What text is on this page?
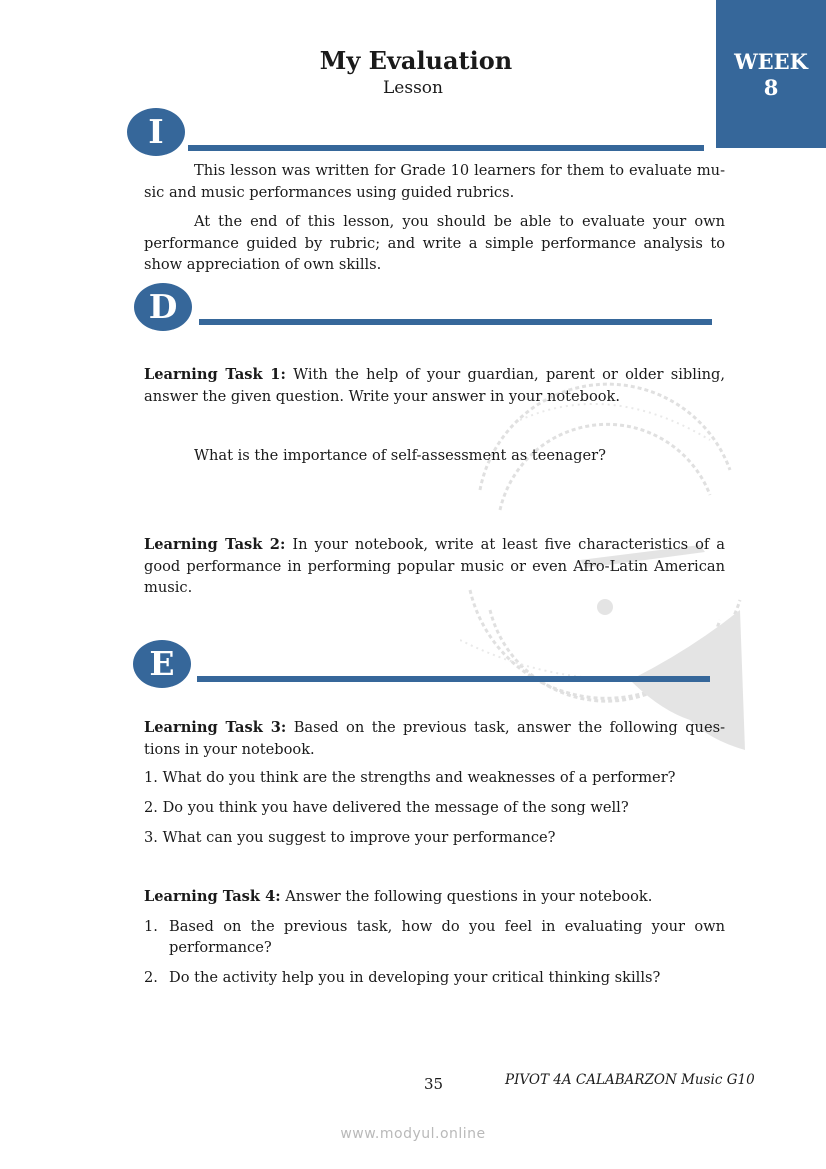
WEEK
8
My Evaluation
Lesson
I
This lesson was written for Grade 10 learners for them to evaluate mu-sic and music performances using guided rubrics.
At the end of this lesson, you should be able to evaluate your own performance guided by rubric; and write a simple performance analysis to show appreciation of own skills.
D
Learning Task 1: With the help of your guardian, parent or older sibling, answer the given question. Write your answer in your notebook.
What is the importance of self-assessment as teenager?
Learning Task 2: In your notebook, write at least five characteristics of a good performance in performing popular music or even Afro-Latin American music.
E
Learning Task 3: Based on the previous task, answer the following ques-tions in your notebook.
1. What do you think are the strengths and weaknesses of a performer?
2. Do you think you have delivered the message of the song well?
3. What can you suggest to improve your performance?
Learning Task 4: Answer the following questions in your notebook.
1. Based on the previous task, how do you feel in evaluating your own performance?
2. Do the activity help you in developing your critical thinking skills?
35	PIVOT 4A CALABARZON Music G10
www.modyul.online
